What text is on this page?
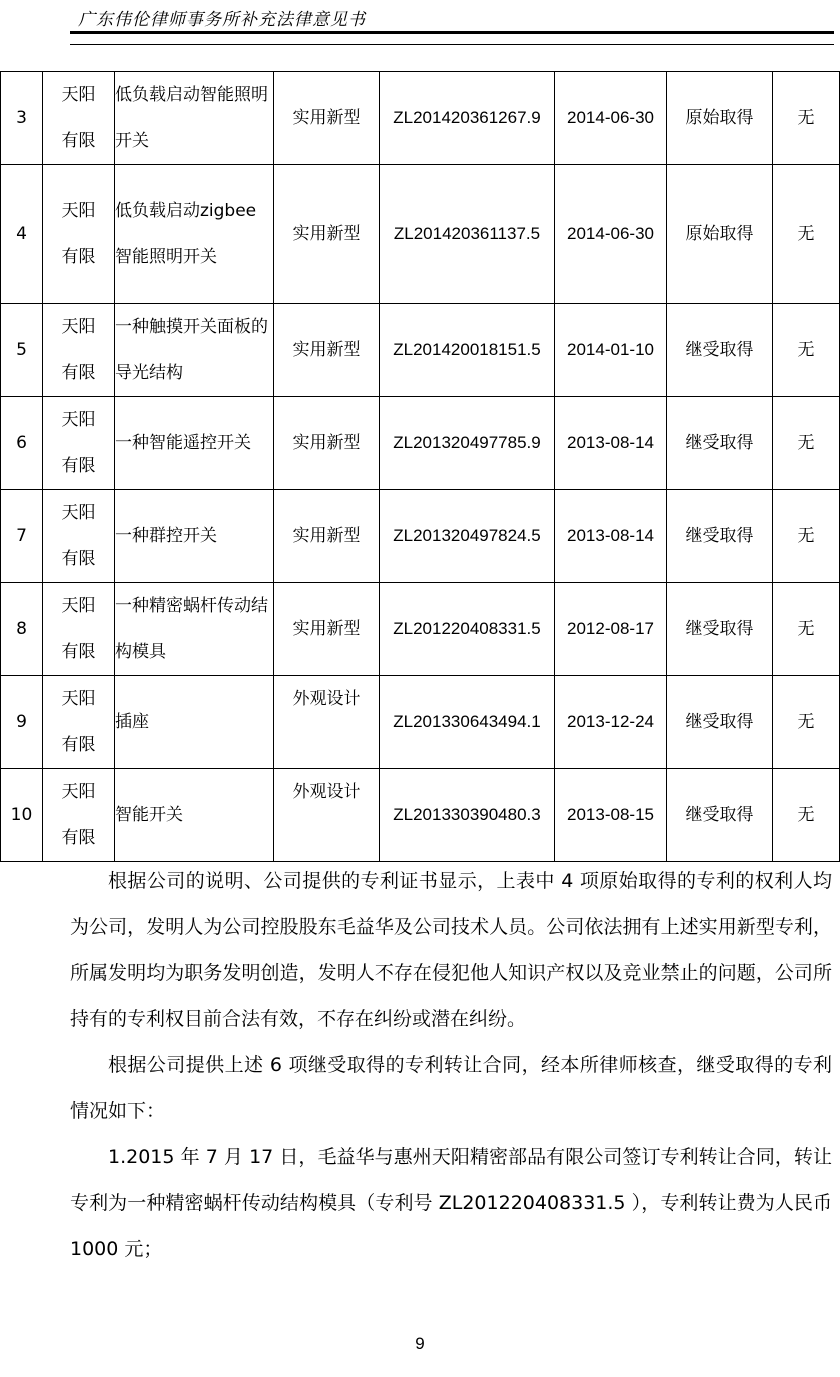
广东伟伦律师事务所补充法律意见书
3	天阳有限	低负载启动智能照明开关	实用新型	ZL201420361267.9	2014-06-30	原始取得	无
4	天阳有限	低负载启动zigbee 智能照明开关	实用新型	ZL201420361137.5	2014-06-30	原始取得	无
5	天阳有限	一种触摸开关面板的导光结构	实用新型	ZL201420018151.5	2014-01-10	继受取得	无
6	天阳有限	一种智能遥控开关	实用新型	ZL201320497785.9	2013-08-14	继受取得	无
7	天阳有限	一种群控开关	实用新型	ZL201320497824.5	2013-08-14	继受取得	无
8	天阳有限	一种精密蜗杆传动结构模具	实用新型	ZL201220408331.5	2012-08-17	继受取得	无
9	天阳有限	插座	外观设计	ZL201330643494.1	2013-12-24	继受取得	无
10	天阳有限	智能开关	外观设计	ZL201330390480.3	2013-08-15	继受取得	无

根据公司的说明、公司提供的专利证书显示，上表中 4 项原始取得的专利的权利人均为公司，发明人为公司控股股东毛益华及公司技术人员。公司依法拥有上述实用新型专利，所属发明均为职务发明创造，发明人不存在侵犯他人知识产权以及竞业禁止的问题，公司所持有的专利权目前合法有效，不存在纠纷或潜在纠纷。

根据公司提供上述 6 项继受取得的专利转让合同，经本所律师核查，继受取得的专利情况如下：

1.2015 年 7 月 17 日，毛益华与惠州天阳精密部品有限公司签订专利转让合同，转让专利为一种精密蜗杆传动结构模具（专利号 ZL201220408331.5 ），专利转让费为人民币 1000 元；

9
